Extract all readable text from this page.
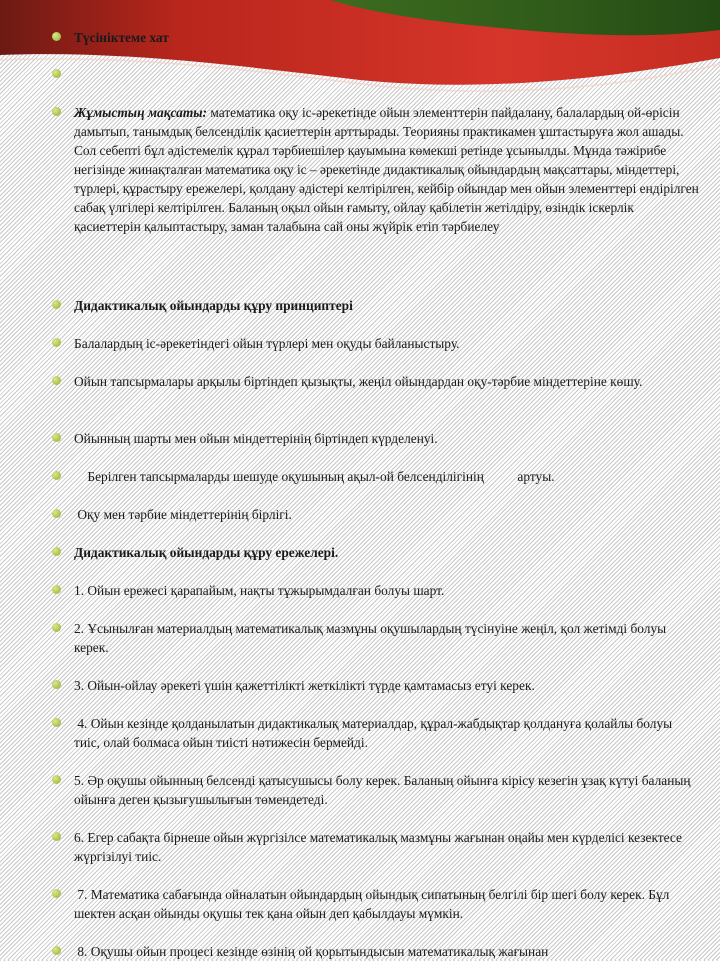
Түсініктеме хат
Жұмыстың мақсаты: математика оқу іс-әрекетінде ойын элементтерін пайдалану, балалардың ой-өрісін дамытып, танымдық белсенділік қасиеттерін арттырады. Теорияны практикамен ұштастыруға жол ашады. Сол себепті бұл әдістемелік құрал тәрбиешілер қауымына көмекші ретінде ұсынылды. Мұнда тәжірибе негізінде жинақталған математика оқу іс – әрекетінде дидактикалық ойындардың мақсаттары, міндеттері, түрлері, құрастыру ережелері, қолдану әдістері келтірілген, кейбір ойындар мен ойын элементтері ендірілген сабақ үлгілері келтірілген. Баланың оқыл ойын ғамыту, ойлау қабілетін жетілдіру, өзіндік іскерлік қасиеттерін қалыптастыру, заман талабына сай оны жүйрік етіп тәрбиелеу
Дидактикалық ойындарды құру принциптері
Балалардың іс-әрекетіндегі ойын түрлері мен оқуды байланыстыру.
Ойын тапсырмалары арқылы біртіндеп қызықты, жеңіл ойындардан оқу-тәрбие міндеттеріне көшу.
Ойынның шарты мен ойын міндеттерінің біртіндеп күрделенуі.
Берілген тапсырмаларды шешуде оқушының ақыл-ой белсенділігінің          артуы.
Оқу мен тәрбие міндеттерінің бірлігі.
Дидактикалық ойындарды құру ережелері.
1. Ойын ережесі қарапайым, нақты тұжырымдалған болуы шарт.
2. Ұсынылған материалдың математикалық мазмұны оқушылардың түсінуіне жеңіл, қол жетімді болуы керек.
3. Ойын-ойлау әрекеті үшін қажеттілікті жеткілікті түрде қамтамасыз етуі керек.
4. Ойын кезінде қолданылатын дидактикалық материалдар, құрал-жабдықтар қолдануға қолайлы болуы тиіс, олай болмаса ойын тиісті нәтижесін бермейді.
5. Әр оқушы ойынның белсенді қатысушысы болу керек. Баланың ойынға кірісу кезегін ұзақ күтуі баланың ойынға деген қызығушылығын төмендетеді.
6. Егер сабақта бірнеше ойын жүргізілсе математикалық мазмұны жағынан оңайы мен күрделісі кезектесе жүргізілуі тиіс.
7. Математика сабағында ойналатын ойындардың ойындық сипатының белгілі бір шегі болу керек. Бұл шектен асқан ойынды оқушы тек қана ойын деп қабылдауы мүмкін.
8. Оқушы ойын процесі кезінде өзінің ой қорытындысын математикалық жағынан
